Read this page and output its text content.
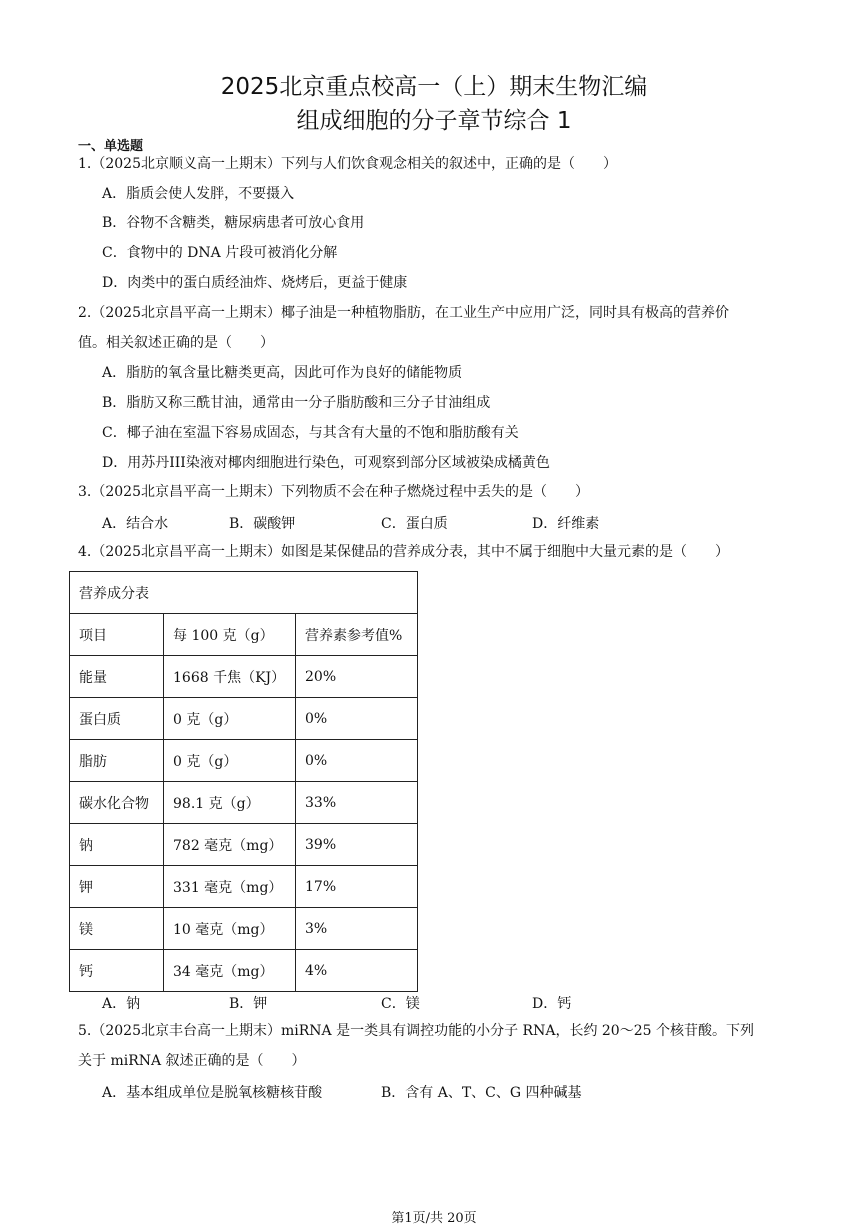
2025北京重点校高一（上）期末生物汇编
组成细胞的分子章节综合 1
一、单选题
1.（2025北京顺义高一上期末）下列与人们饮食观念相关的叙述中，正确的是（　　）
A．脂质会使人发胖，不要摄入
B．谷物不含糖类，糖尿病患者可放心食用
C．食物中的 DNA 片段可被消化分解
D．肉类中的蛋白质经油炸、烧烤后，更益于健康
2.（2025北京昌平高一上期末）椰子油是一种植物脂肪，在工业生产中应用广泛，同时具有极高的营养价
值。相关叙述正确的是（　　）
A．脂肪的氧含量比糖类更高，因此可作为良好的储能物质
B．脂肪又称三酰甘油，通常由一分子脂肪酸和三分子甘油组成
C．椰子油在室温下容易成固态，与其含有大量的不饱和脂肪酸有关
D．用苏丹III染液对椰肉细胞进行染色，可观察到部分区域被染成橘黄色
3.（2025北京昌平高一上期末）下列物质不会在种子燃烧过程中丢失的是（　　）
A．结合水	B．碳酸钾	C．蛋白质	D．纤维素
4.（2025北京昌平高一上期末）如图是某保健品的营养成分表，其中不属于细胞中大量元素的是（　　）
营养成分表		
项目	每 100 克（g）	营养素参考值%
能量	1668 千焦（KJ）	20%
蛋白质	0 克（g）	0%
脂肪	0 克（g）	0%
碳水化合物	98.1 克（g）	33%
钠	782 毫克（mg）	39%
钾	331 毫克（mg）	17%
镁	10 毫克（mg）	3%
钙	34 毫克（mg）	4%
A．钠	B．钾	C．镁	D．钙
5.（2025北京丰台高一上期末）miRNA 是一类具有调控功能的小分子 RNA，长约 20～25 个核苷酸。下列
关于 miRNA 叙述正确的是（　　）
A．基本组成单位是脱氧核糖核苷酸	B．含有 A、T、C、G 四种碱基
第1页/共 20页
